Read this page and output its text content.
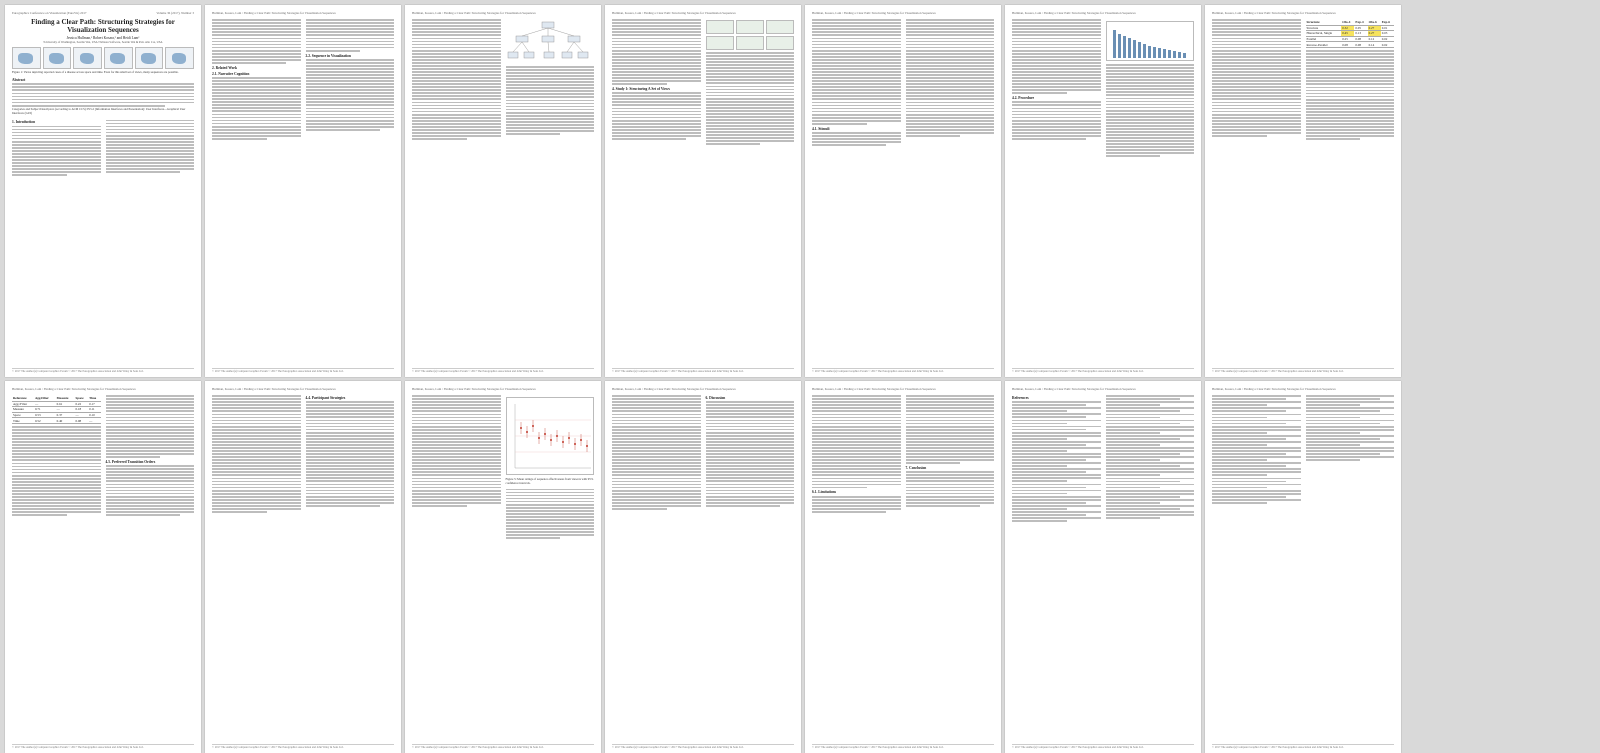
Eurographics Conference on Visualization (EuroVis) 2017	Volume 36 (2017), Number 3
Finding a Clear Path: Structuring Strategies for Visualization Sequences
Jessica Hullman,¹ Robert Kosara,² and Heidi Lam²
¹University of Washington, Seattle WA, USA ²Tableau Software, Seattle WA & Palo Alto CA, USA
Figure 1: Views depicting reported cases of a disease across space and time. Even for this small set of views, many sequences are possible.
Abstract
Categories and Subject Descriptors (according to ACM CCS): H.5.2 [Information Interfaces and Presentation]: User Interfaces—Graphical User Interfaces (GUI)
1. Introduction
© 2017 The Author(s) Computer Graphics Forum © 2017 The Eurographics Association and John Wiley & Sons Ltd.
Hullman, Kosara, Lam / Finding a Clear Path: Structuring Strategies for Visualization Sequences
2. Related Work
2.1. Narrative Cognition
2.2. Sequence in Visualization
© 2017 The Author(s) Computer Graphics Forum © 2017 The Eurographics Association and John Wiley & Sons Ltd.
Hullman, Kosara, Lam / Finding a Clear Path: Structuring Strategies for Visualization Sequences
© 2017 The Author(s) Computer Graphics Forum © 2017 The Eurographics Association and John Wiley & Sons Ltd.
Hullman, Kosara, Lam / Finding a Clear Path: Structuring Strategies for Visualization Sequences
4. Study 1: Structuring A Set of Views
© 2017 The Author(s) Computer Graphics Forum © 2017 The Eurographics Association and John Wiley & Sons Ltd.
Hullman, Kosara, Lam / Finding a Clear Path: Structuring Strategies for Visualization Sequences
4.1. Stimuli
© 2017 The Author(s) Computer Graphics Forum © 2017 The Eurographics Association and John Wiley & Sons Ltd.
Hullman, Kosara, Lam / Finding a Clear Path: Structuring Strategies for Visualization Sequences
4.2. Procedure
© 2017 The Author(s) Computer Graphics Forum © 2017 The Eurographics Association and John Wiley & Sons Ltd.
Hullman, Kosara, Lam / Finding a Clear Path: Structuring Strategies for Visualization Sequences
Structure	Obs-4	Exp-4	Obs-6	Exp-6
Structure	0.32	0.05	0.27	0.01
Hierarchical, Single	0.45	0.13	0.27	0.03
Parallel	0.25	0.08	0.12	0.02
Reverse-Parallel	0.08	0.08	0.14	0.02
© 2017 The Author(s) Computer Graphics Forum © 2017 The Eurographics Association and John Wiley & Sons Ltd.
Hullman, Kosara, Lam / Finding a Clear Path: Structuring Strategies for Visualization Sequences
Reference	Agg.Filter	Measure	Space	Time
Agg./Filter	—	0.61	0.22	0.17
Measure	0.71	—	0.18	0.11
Space	0.53	0.37	—	0.10
Time	0.52	0.40	0.08	—
4.5. Preferred Transition Orders
© 2017 The Author(s) Computer Graphics Forum © 2017 The Eurographics Association and John Wiley & Sons Ltd.
Hullman, Kosara, Lam / Finding a Clear Path: Structuring Strategies for Visualization Sequences
4.4. Participant Strategies
© 2017 The Author(s) Computer Graphics Forum © 2017 The Eurographics Association and John Wiley & Sons Ltd.
Hullman, Kosara, Lam / Finding a Clear Path: Structuring Strategies for Visualization Sequences
Figure 5: Mean ratings of sequence effectiveness from viewers with 95% confidence intervals.
© 2017 The Author(s) Computer Graphics Forum © 2017 The Eurographics Association and John Wiley & Sons Ltd.
Hullman, Kosara, Lam / Finding a Clear Path: Structuring Strategies for Visualization Sequences
6. Discussion
© 2017 The Author(s) Computer Graphics Forum © 2017 The Eurographics Association and John Wiley & Sons Ltd.
Hullman, Kosara, Lam / Finding a Clear Path: Structuring Strategies for Visualization Sequences
6.1. Limitations
7. Conclusion
© 2017 The Author(s) Computer Graphics Forum © 2017 The Eurographics Association and John Wiley & Sons Ltd.
Hullman, Kosara, Lam / Finding a Clear Path: Structuring Strategies for Visualization Sequences
References
© 2017 The Author(s) Computer Graphics Forum © 2017 The Eurographics Association and John Wiley & Sons Ltd.
Hullman, Kosara, Lam / Finding a Clear Path: Structuring Strategies for Visualization Sequences
© 2017 The Author(s) Computer Graphics Forum © 2017 The Eurographics Association and John Wiley & Sons Ltd.
